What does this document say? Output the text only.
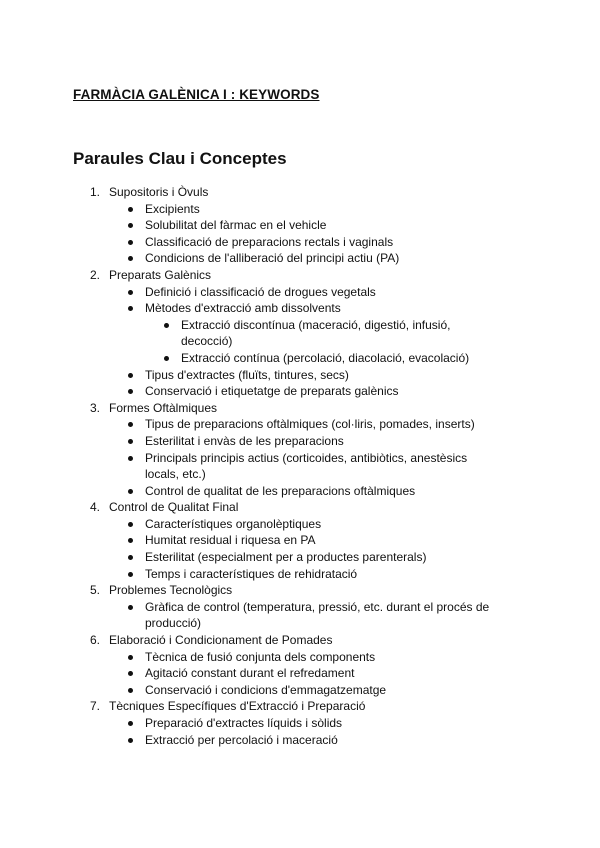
FARMÀCIA GALÈNICA I : KEYWORDS
Paraules Clau i Conceptes
1. Supositoris i Òvuls
Excipients
Solubilitat del fàrmac en el vehicle
Classificació de preparacions rectals i vaginals
Condicions de l'alliberació del principi actiu (PA)
2. Preparats Galènics
Definició i classificació de drogues vegetals
Mètodes d'extracció amb dissolvents
Extracció discontínua (maceració, digestió, infusió, decocció)
Extracció contínua (percolació, diacolació, evacolació)
Tipus d'extractes (fluïts, tintures, secs)
Conservació i etiquetatge de preparats galènics
3. Formes Oftàlmiques
Tipus de preparacions oftàlmiques (col·liris, pomades, inserts)
Esterilitat i envàs de les preparacions
Principals principis actius (corticoides, antibiòtics, anestèsics locals, etc.)
Control de qualitat de les preparacions oftàlmiques
4. Control de Qualitat Final
Característiques organolèptiques
Humitat residual i riquesa en PA
Esterilitat (especialment per a productes parenterals)
Temps i característiques de rehidratació
5. Problemes Tecnològics
Gràfica de control (temperatura, pressió, etc. durant el procés de producció)
6. Elaboració i Condicionament de Pomades
Tècnica de fusió conjunta dels components
Agitació constant durant el refredament
Conservació i condicions d'emmagatzematge
7. Tècniques Específiques d'Extracció i Preparació
Preparació d'extractes líquids i sòlids
Extracció per percolació i maceració
